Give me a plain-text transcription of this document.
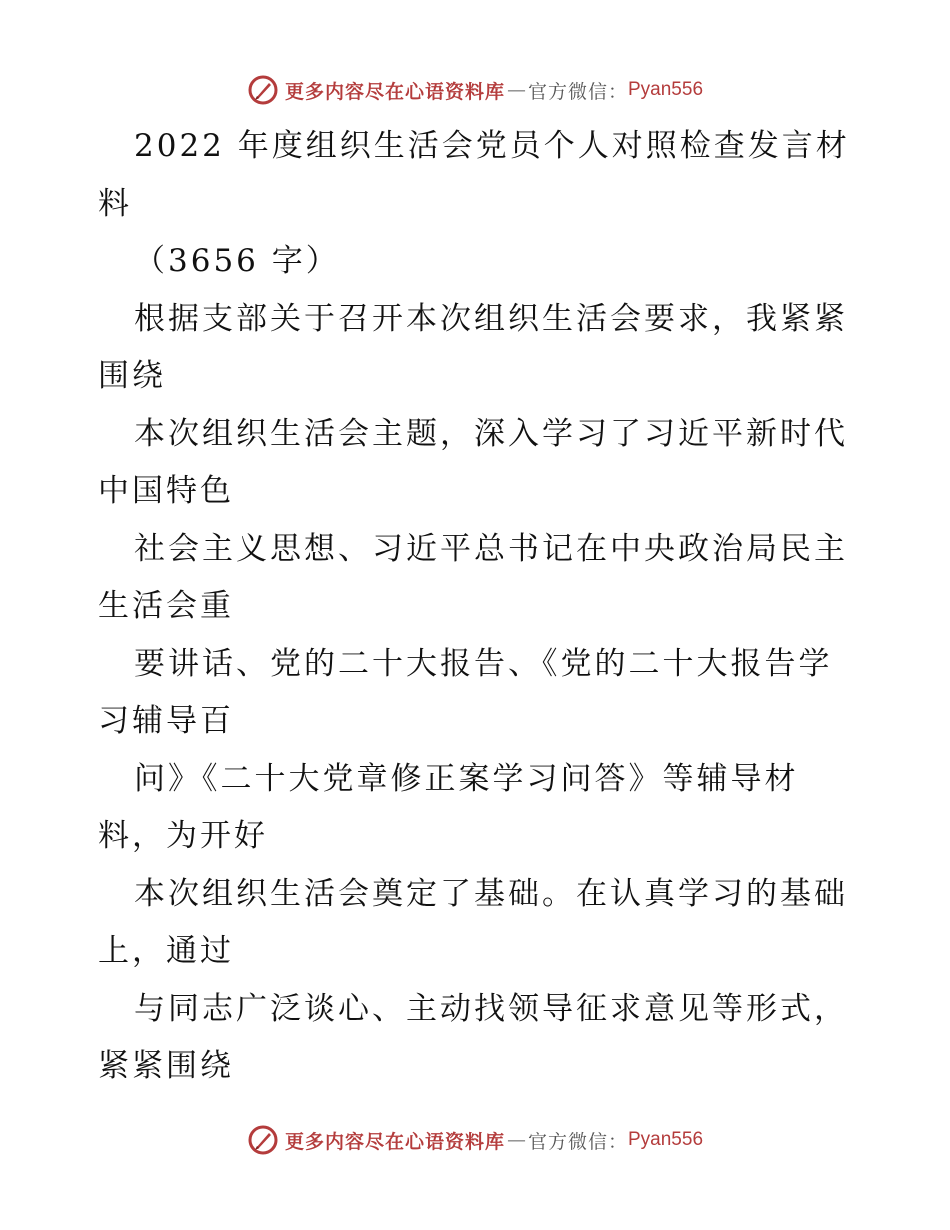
更多内容尽在心语资料库 — 官方微信： Pyan556
2022 年度组织生活会党员个人对照检查发言材
料
（3656 字）
根据支部关于召开本次组织生活会要求，我紧紧
围绕
本次组织生活会主题，深入学习了习近平新时代
中国特色
社会主义思想、习近平总书记在中央政治局民主
生活会重
要讲话、党的二十大报告、《党的二十大报告学
习辅导百
问》《二十大党章修正案学习问答》等辅导材
料，为开好
本次组织生活会奠定了基础。在认真学习的基础
上，通过
与同志广泛谈心、主动找领导征求意见等形式，
紧紧围绕
更多内容尽在心语资料库 — 官方微信： Pyan556
